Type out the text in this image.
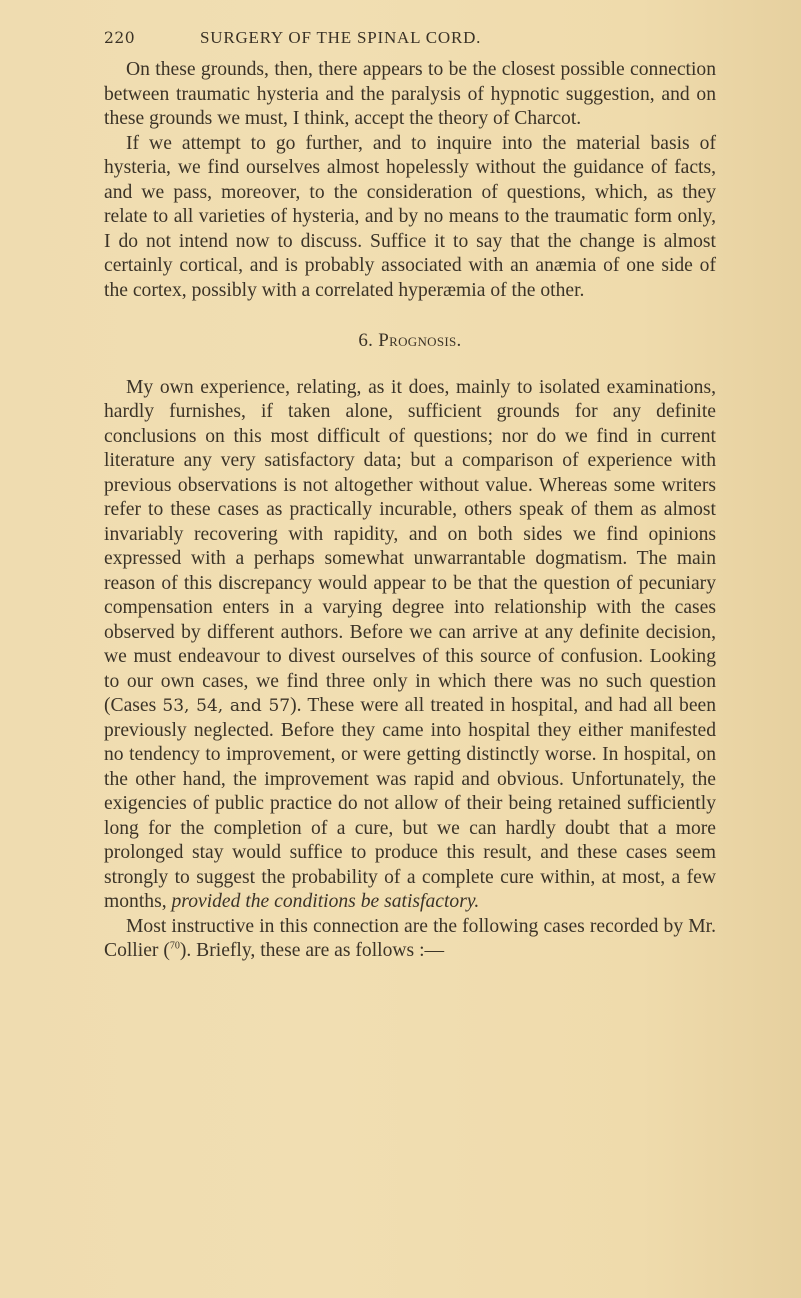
220	SURGERY OF THE SPINAL CORD.

On these grounds, then, there appears to be the closest possible connection between traumatic hysteria and the paralysis of hypnotic suggestion, and on these grounds we must, I think, accept the theory of Charcot.

If we attempt to go further, and to inquire into the material basis of hysteria, we find ourselves almost hopelessly without the guidance of facts, and we pass, moreover, to the consideration of questions, which, as they relate to all varieties of hysteria, and by no means to the traumatic form only, I do not intend now to discuss. Suffice it to say that the change is almost certainly cortical, and is probably associated with an anæmia of one side of the cortex, possibly with a correlated hyperæmia of the other.

6. Prognosis.

My own experience, relating, as it does, mainly to isolated examinations, hardly furnishes, if taken alone, sufficient grounds for any definite conclusions on this most difficult of questions; nor do we find in current literature any very satisfactory data; but a comparison of experience with previous observations is not altogether without value. Whereas some writers refer to these cases as practically incurable, others speak of them as almost invariably recovering with rapidity, and on both sides we find opinions expressed with a perhaps somewhat unwarrantable dogmatism. The main reason of this discrepancy would appear to be that the question of pecuniary compensation enters in a varying degree into relationship with the cases observed by different authors. Before we can arrive at any definite decision, we must endeavour to divest ourselves of this source of confusion. Looking to our own cases, we find three only in which there was no such question (Cases 53, 54, and 57). These were all treated in hospital, and had all been previously neglected. Before they came into hospital they either manifested no tendency to improvement, or were getting distinctly worse. In hospital, on the other hand, the improvement was rapid and obvious. Unfortunately, the exigencies of public practice do not allow of their being retained sufficiently long for the completion of a cure, but we can hardly doubt that a more prolonged stay would suffice to produce this result, and these cases seem strongly to suggest the probability of a complete cure within, at most, a few months, provided the conditions be satisfactory.

Most instructive in this connection are the following cases recorded by Mr. Collier ($^{70}$). Briefly, these are as follows :—
